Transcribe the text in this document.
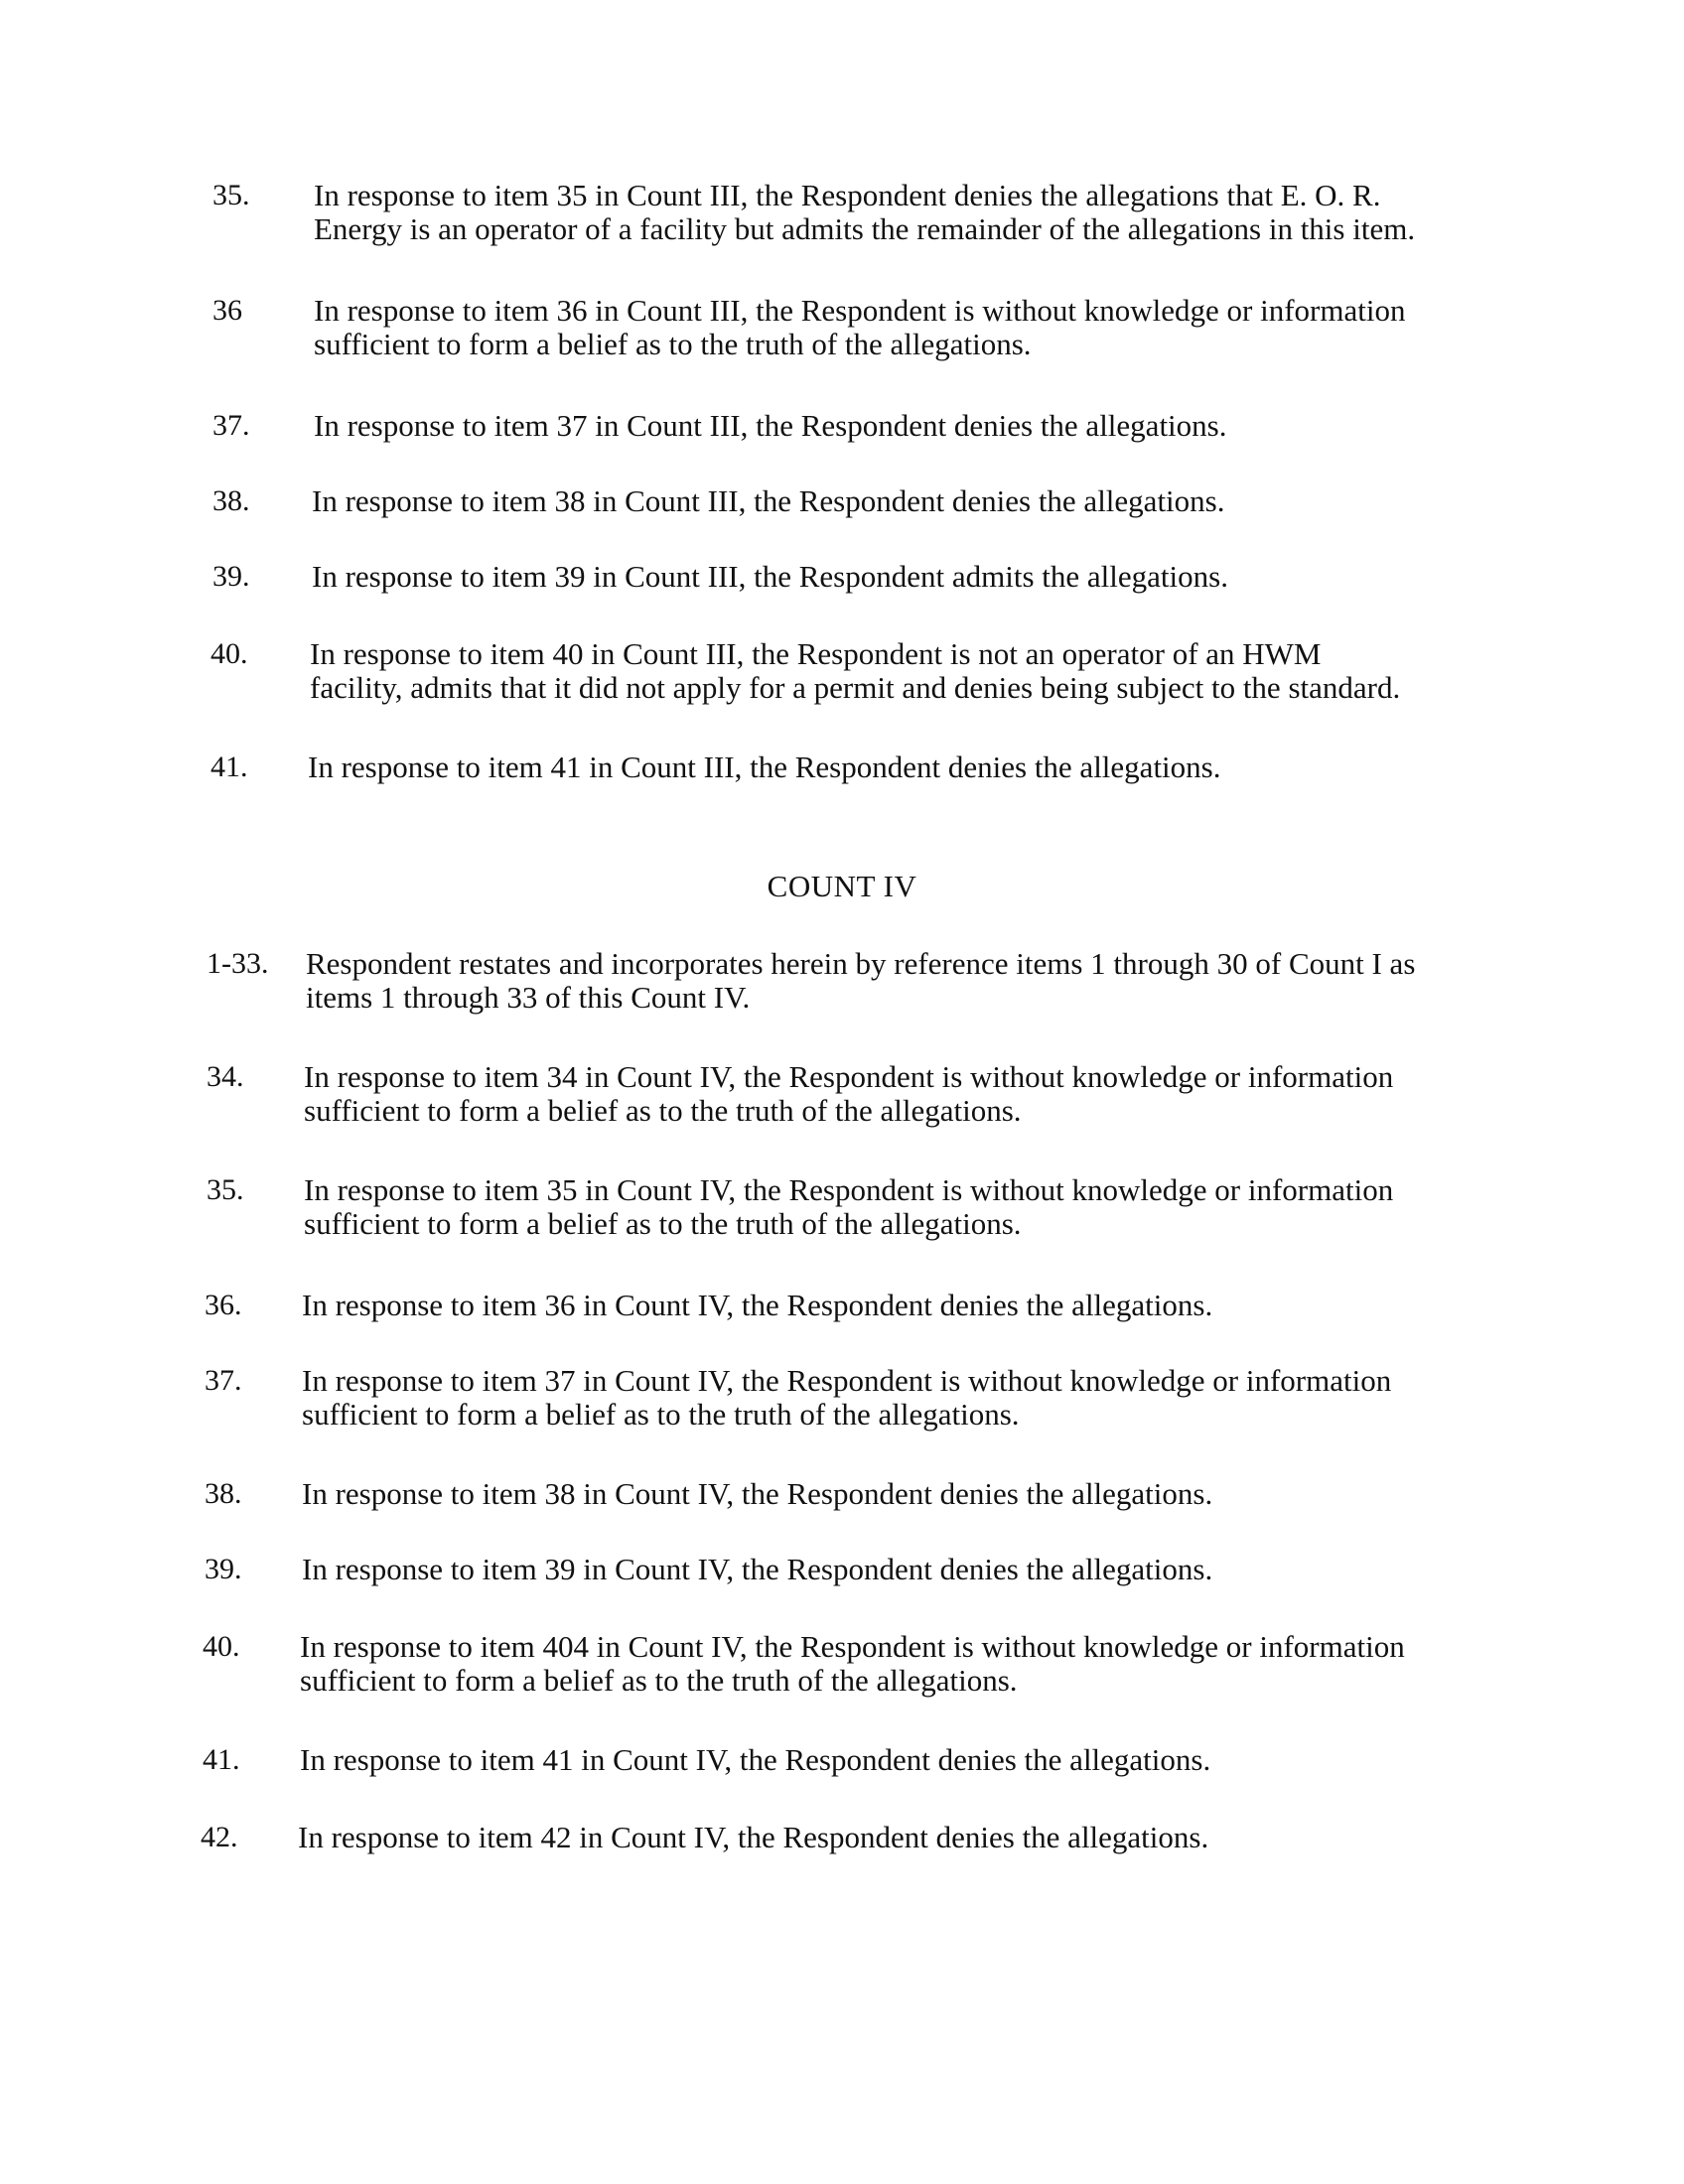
35. In response to item 35 in Count III, the Respondent denies the allegations that E. O. R.
Energy is an operator of a facility but admits the remainder of the allegations in this item.
36 In response to item 36 in Count III, the Respondent is without knowledge or information
sufficient to form a belief as to the truth of the allegations.
37. In response to item 37 in Count III, the Respondent denies the allegations.
38. In response to item 38 in Count III, the Respondent denies the allegations.
39. In response to item 39 in Count III, the Respondent admits the allegations.
40. In response to item 40 in Count III, the Respondent is not an operator of an HWM
facility, admits that it did not apply for a permit and denies being subject to the standard.
41. In response to item 41 in Count III, the Respondent denies the allegations.
COUNT IV
1-33. Respondent restates and incorporates herein by reference items 1 through 30 of Count I as
items 1 through 33 of this Count IV.
34. In response to item 34 in Count IV, the Respondent is without knowledge or information
sufficient to form a belief as to the truth of the allegations.
35. In response to item 35 in Count IV, the Respondent is without knowledge or information
sufficient to form a belief as to the truth of the allegations.
36. In response to item 36 in Count IV, the Respondent denies the allegations.
37. In response to item 37 in Count IV, the Respondent is without knowledge or information
sufficient to form a belief as to the truth of the allegations.
38. In response to item 38 in Count IV, the Respondent denies the allegations.
39. In response to item 39 in Count IV, the Respondent denies the allegations.
40. In response to item 404 in Count IV, the Respondent is without knowledge or information
sufficient to form a belief as to the truth of the allegations.
41. In response to item 41 in Count IV, the Respondent denies the allegations.
42. In response to item 42 in Count IV, the Respondent denies the allegations.
